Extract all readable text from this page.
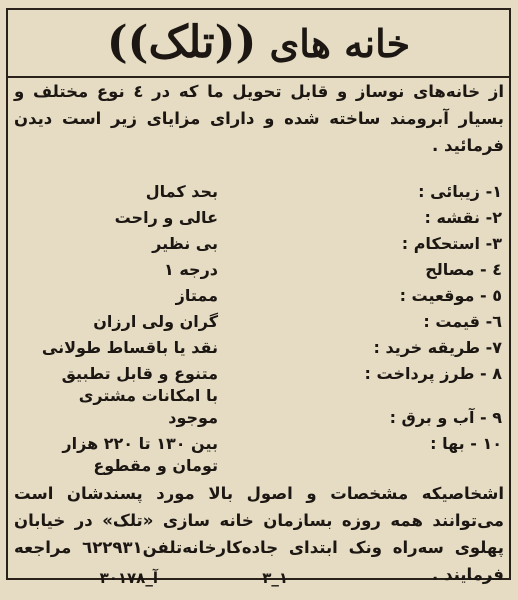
خانه های ((تلک))
از خانه‌های نوساز و قابل تحویل ما که در ٤ نوع مختلف و بسیار آبرومند ساخته شده و دارای مزایای زیر است دیدن فرمائید .
١- زیبائی :
بحد کمال
٢- نقشه :
عالی و راحت
٣- استحکام :
بی نظیر
٤ - مصالح
درجه ١
٥ - موقعیت :
ممتاز
٦- قیمت :
گران ولی ارزان
٧- طریقه خرید :
نقد یا باقساط طولانی
٨ - طرز پرداخت :
متنوع و قابل تطبیق
با امکانات مشتری
٩ - آب و برق :
موجود
١٠ - بها :
بین ١٣٠ تا ٢٢٠ هزار
تومان و مقطوع
اشخاصیکه مشخصات و اصول بالا مورد پسندشان است می‌توانند همه روزه بسازمان خانه سازی «تلک» در خیابان پهلوی سه‌راه ونک ابتدای جاده‌کارخانه‌تلفن٦٢٢٩٣١ مراجعه فرمایند .
آ_٣٠١٧٨	١_٣
